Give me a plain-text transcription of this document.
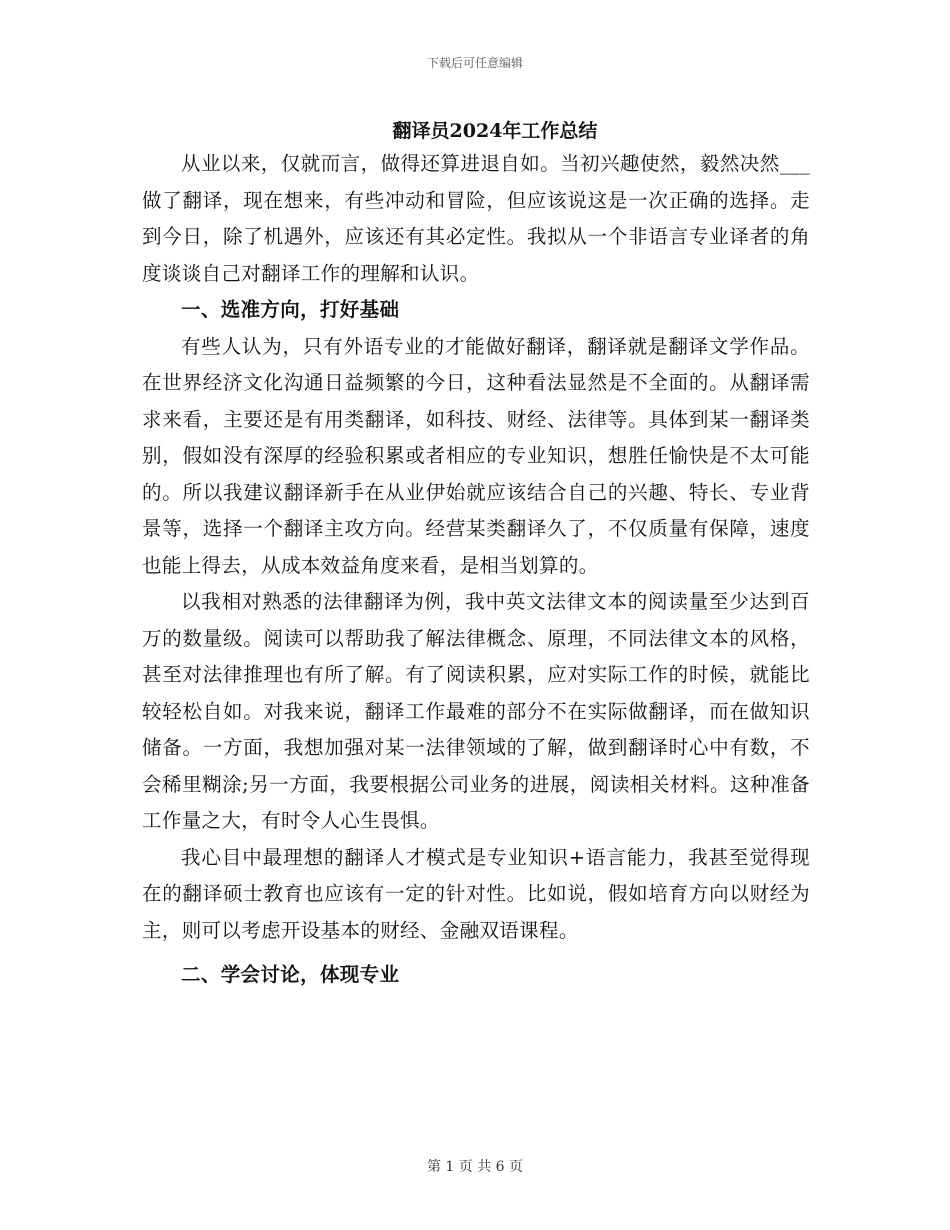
下载后可任意编辑
翻译员2024年工作总结

从业以来，仅就而言，做得还算进退自如。当初兴趣使然，毅然决然___做了翻译，现在想来，有些冲动和冒险，但应该说这是一次正确的选择。走到今日，除了机遇外，应该还有其必定性。我拟从一个非语言专业译者的角度谈谈自己对翻译工作的理解和认识。

一、选准方向，打好基础

有些人认为，只有外语专业的才能做好翻译，翻译就是翻译文学作品。在世界经济文化沟通日益频繁的今日，这种看法显然是不全面的。从翻译需求来看，主要还是有用类翻译，如科技、财经、法律等。具体到某一翻译类别，假如没有深厚的经验积累或者相应的专业知识，想胜任愉快是不太可能的。所以我建议翻译新手在从业伊始就应该结合自己的兴趣、特长、专业背景等，选择一个翻译主攻方向。经营某类翻译久了，不仅质量有保障，速度也能上得去，从成本效益角度来看，是相当划算的。

以我相对熟悉的法律翻译为例，我中英文法律文本的阅读量至少达到百万的数量级。阅读可以帮助我了解法律概念、原理，不同法律文本的风格，甚至对法律推理也有所了解。有了阅读积累，应对实际工作的时候，就能比较轻松自如。对我来说，翻译工作最难的部分不在实际做翻译，而在做知识储备。一方面，我想加强对某一法律领域的了解，做到翻译时心中有数，不会稀里糊涂;另一方面，我要根据公司业务的进展，阅读相关材料。这种准备工作量之大，有时令人心生畏惧。

我心目中最理想的翻译人才模式是专业知识+语言能力，我甚至觉得现在的翻译硕士教育也应该有一定的针对性。比如说，假如培育方向以财经为主，则可以考虑开设基本的财经、金融双语课程。

二、学会讨论，体现专业

第 1 页 共 6 页
